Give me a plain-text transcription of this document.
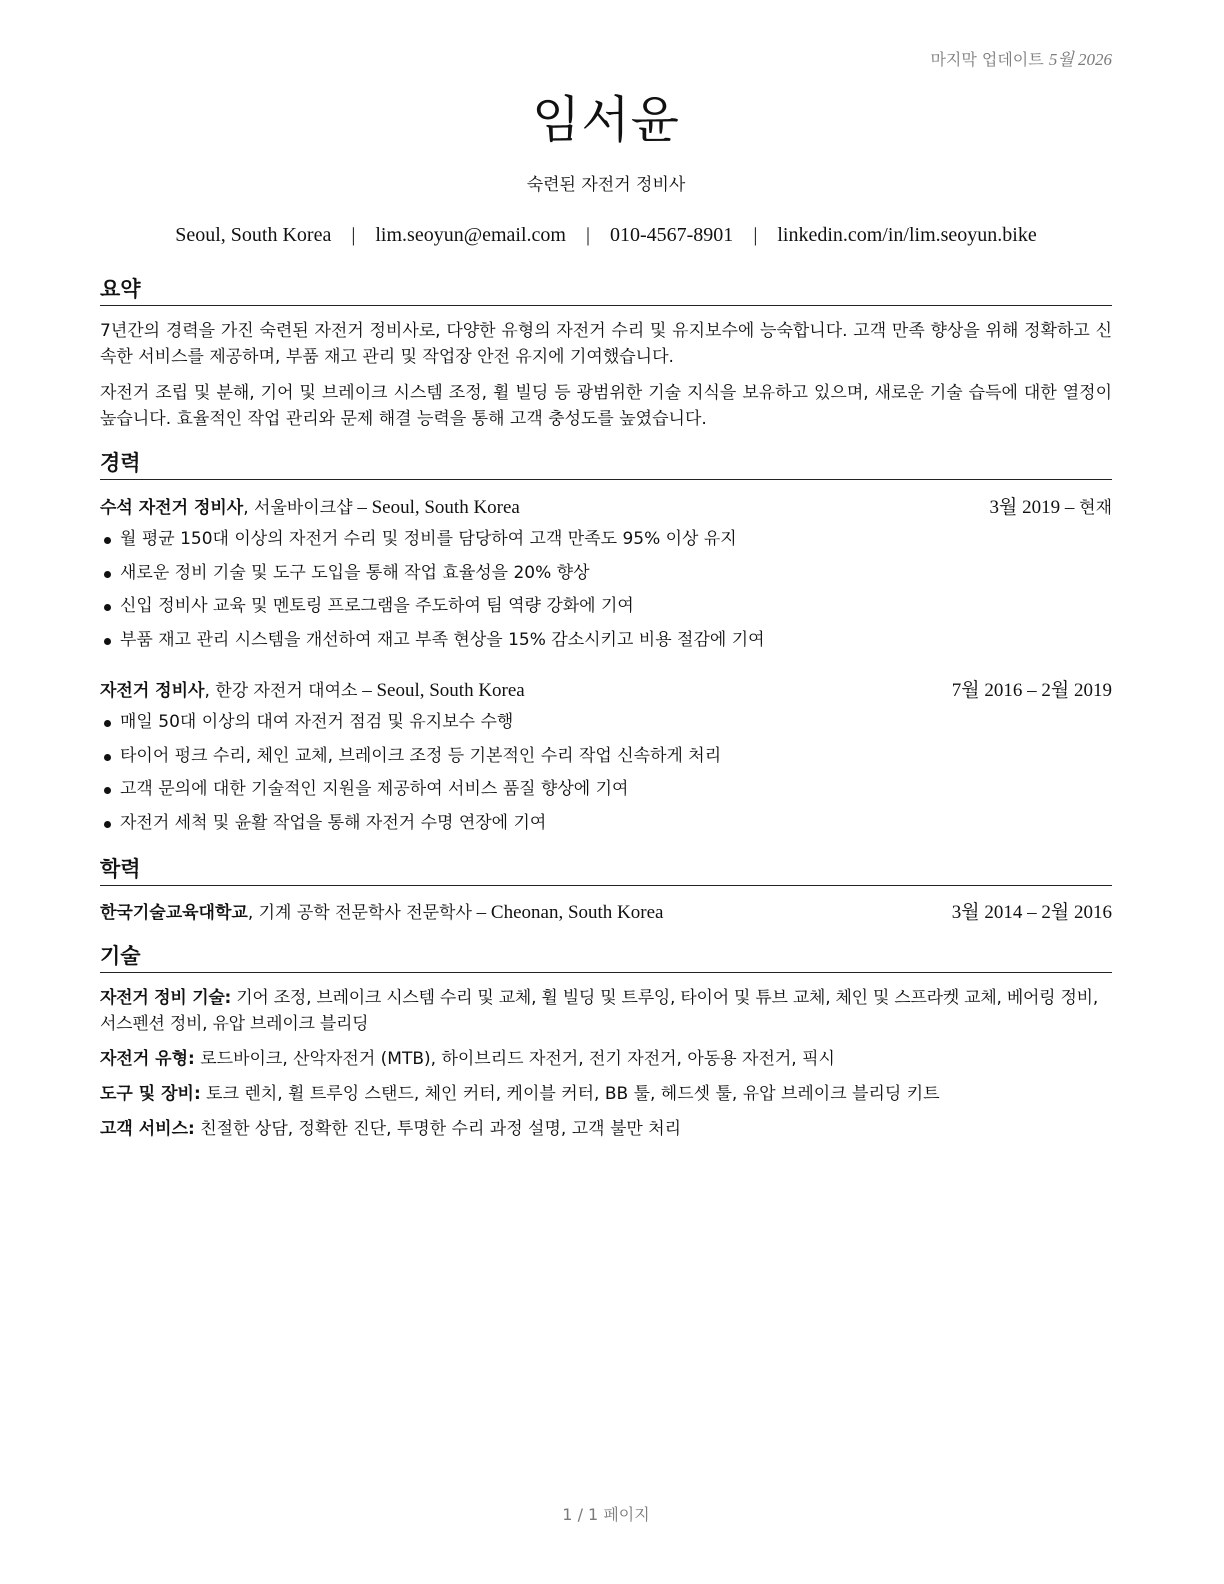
마지막 업데이트 5월 2026
임서윤
숙련된 자전거 정비사
Seoul, South Korea | lim.seoyun@email.com | 010-4567-8901 | linkedin.com/in/lim.seoyun.bike
요약

7년간의 경력을 가진 숙련된 자전거 정비사로, 다양한 유형의 자전거 수리 및 유지보수에 능숙합니다. 고객 만족 향상을 위해 정확하고 신속한 서비스를 제공하며, 부품 재고 관리 및 작업장 안전 유지에 기여했습니다.

자전거 조립 및 분해, 기어 및 브레이크 시스템 조정, 휠 빌딩 등 광범위한 기술 지식을 보유하고 있으며, 새로운 기술 습득에 대한 열정이 높습니다. 효율적인 작업 관리와 문제 해결 능력을 통해 고객 충성도를 높였습니다.

경력
수석 자전거 정비사, 서울바이크샵 – Seoul, South Korea	3월 2019 – 현재
월 평균 150대 이상의 자전거 수리 및 정비를 담당하여 고객 만족도 95% 이상 유지
새로운 정비 기술 및 도구 도입을 통해 작업 효율성을 20% 향상
신입 정비사 교육 및 멘토링 프로그램을 주도하여 팀 역량 강화에 기여
부품 재고 관리 시스템을 개선하여 재고 부족 현상을 15% 감소시키고 비용 절감에 기여
자전거 정비사, 한강 자전거 대여소 – Seoul, South Korea	7월 2016 – 2월 2019
매일 50대 이상의 대여 자전거 점검 및 유지보수 수행
타이어 펑크 수리, 체인 교체, 브레이크 조정 등 기본적인 수리 작업 신속하게 처리
고객 문의에 대한 기술적인 지원을 제공하여 서비스 품질 향상에 기여
자전거 세척 및 윤활 작업을 통해 자전거 수명 연장에 기여
학력
한국기술교육대학교, 기계 공학 전문학사 전문학사 – Cheonan, South Korea	3월 2014 – 2월 2016
기술

자전거 정비 기술: 기어 조정, 브레이크 시스템 수리 및 교체, 휠 빌딩 및 트루잉, 타이어 및 튜브 교체, 체인 및 스프라켓 교체, 베어링 정비, 서스펜션 정비, 유압 브레이크 블리딩

자전거 유형: 로드바이크, 산악자전거 (MTB), 하이브리드 자전거, 전기 자전거, 아동용 자전거, 픽시

도구 및 장비: 토크 렌치, 휠 트루잉 스탠드, 체인 커터, 케이블 커터, BB 툴, 헤드셋 툴, 유압 브레이크 블리딩 키트

고객 서비스: 친절한 상담, 정확한 진단, 투명한 수리 과정 설명, 고객 불만 처리

1 / 1 페이지
